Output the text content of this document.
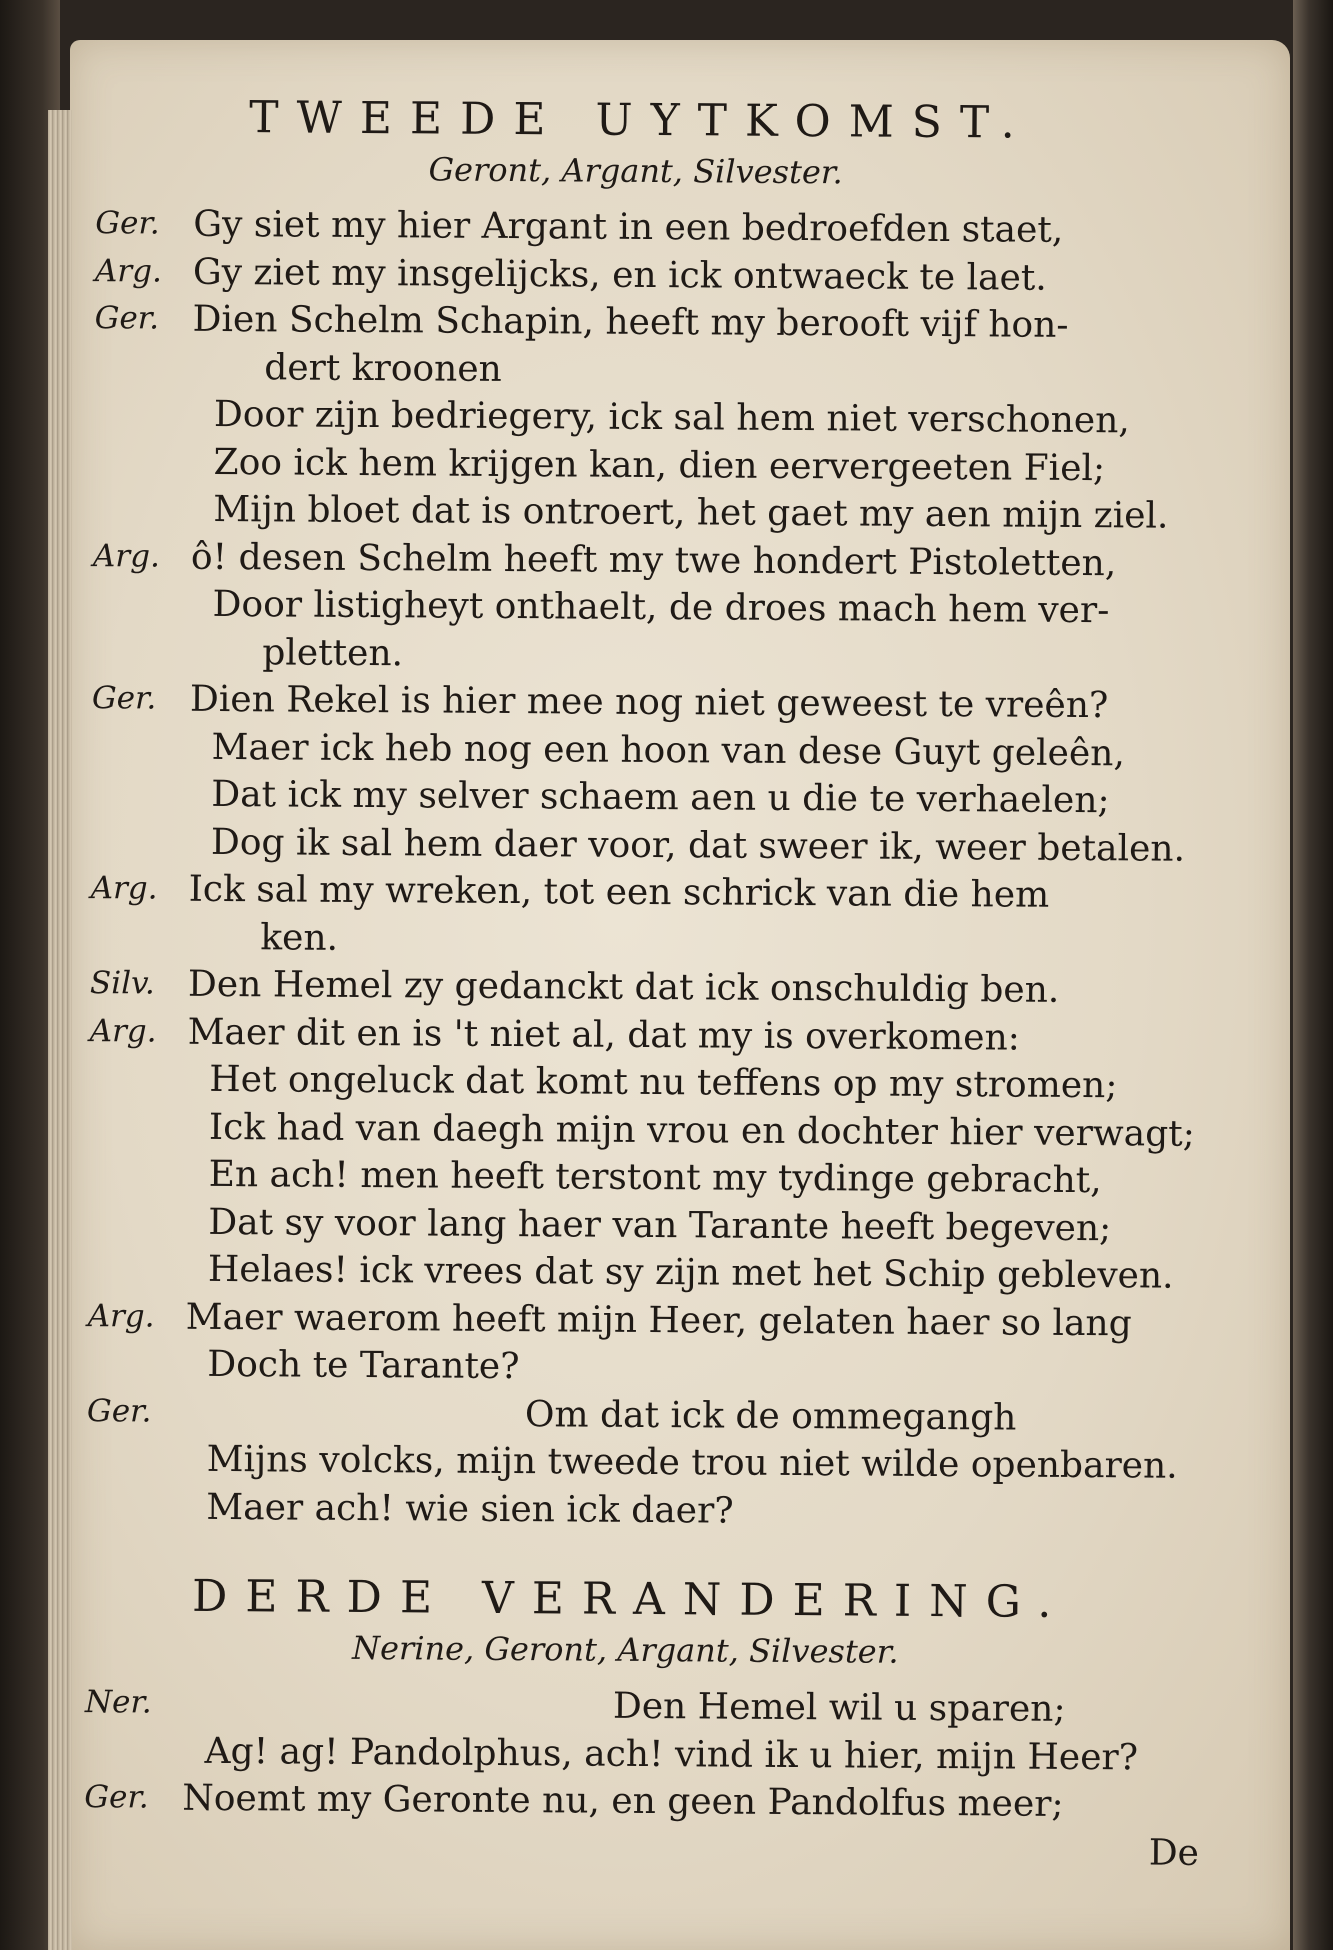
TWEEDE UYTKOMST.
Geront, Argant, Silvester.
Ger. Gy siet my hier Argant in een bedroefden staet,
Arg. Gy ziet my insgelijcks, en ick ontwaeck te laet.
Ger. Dien Schelm Schapin, heeft my berooft vijf hon-
dert kroonen
Door zijn bedriegery, ick sal hem niet verschonen,
Zoo ick hem krijgen kan, dien eervergeeten Fiel;
Mijn bloet dat is ontroert, het gaet my aen mijn ziel.
Arg. ô! desen Schelm heeft my twe hondert Pistoletten,
Door listigheyt onthaelt, de droes mach hem ver-
pletten.
Ger. Dien Rekel is hier mee nog niet geweest te vreên?
Maer ick heb nog een hoon van dese Guyt geleên,
Dat ick my selver schaem aen u die te verhaelen;
Dog ik sal hem daer voor, dat sweer ik, weer betalen.
Arg. Ick sal my wreken, tot een schrick van die hem
ken.
Silv. Den Hemel zy gedanckt dat ick onschuldig ben.
Arg. Maer dit en is 't niet al, dat my is overkomen:
Het ongeluck dat komt nu teffens op my stromen;
Ick had van daegh mijn vrou en dochter hier verwagt;
En ach! men heeft terstont my tydinge gebracht,
Dat sy voor lang haer van Tarante heeft begeven;
Helaes! ick vrees dat sy zijn met het Schip gebleven.
Arg. Maer waerom heeft mijn Heer, gelaten haer so lang
Doch te Tarante?
Ger.	Om dat ick de ommegangh
Mijns volcks, mijn tweede trou niet wilde openbaren.
Maer ach! wie sien ick daer?
DERDE VERANDERING.
Nerine, Geront, Argant, Silvester.
Ner.	Den Hemel wil u sparen;
Ag! ag! Pandolphus, ach! vind ik u hier, mijn Heer?
Ger. Noemt my Geronte nu, en geen Pandolfus meer;
De
